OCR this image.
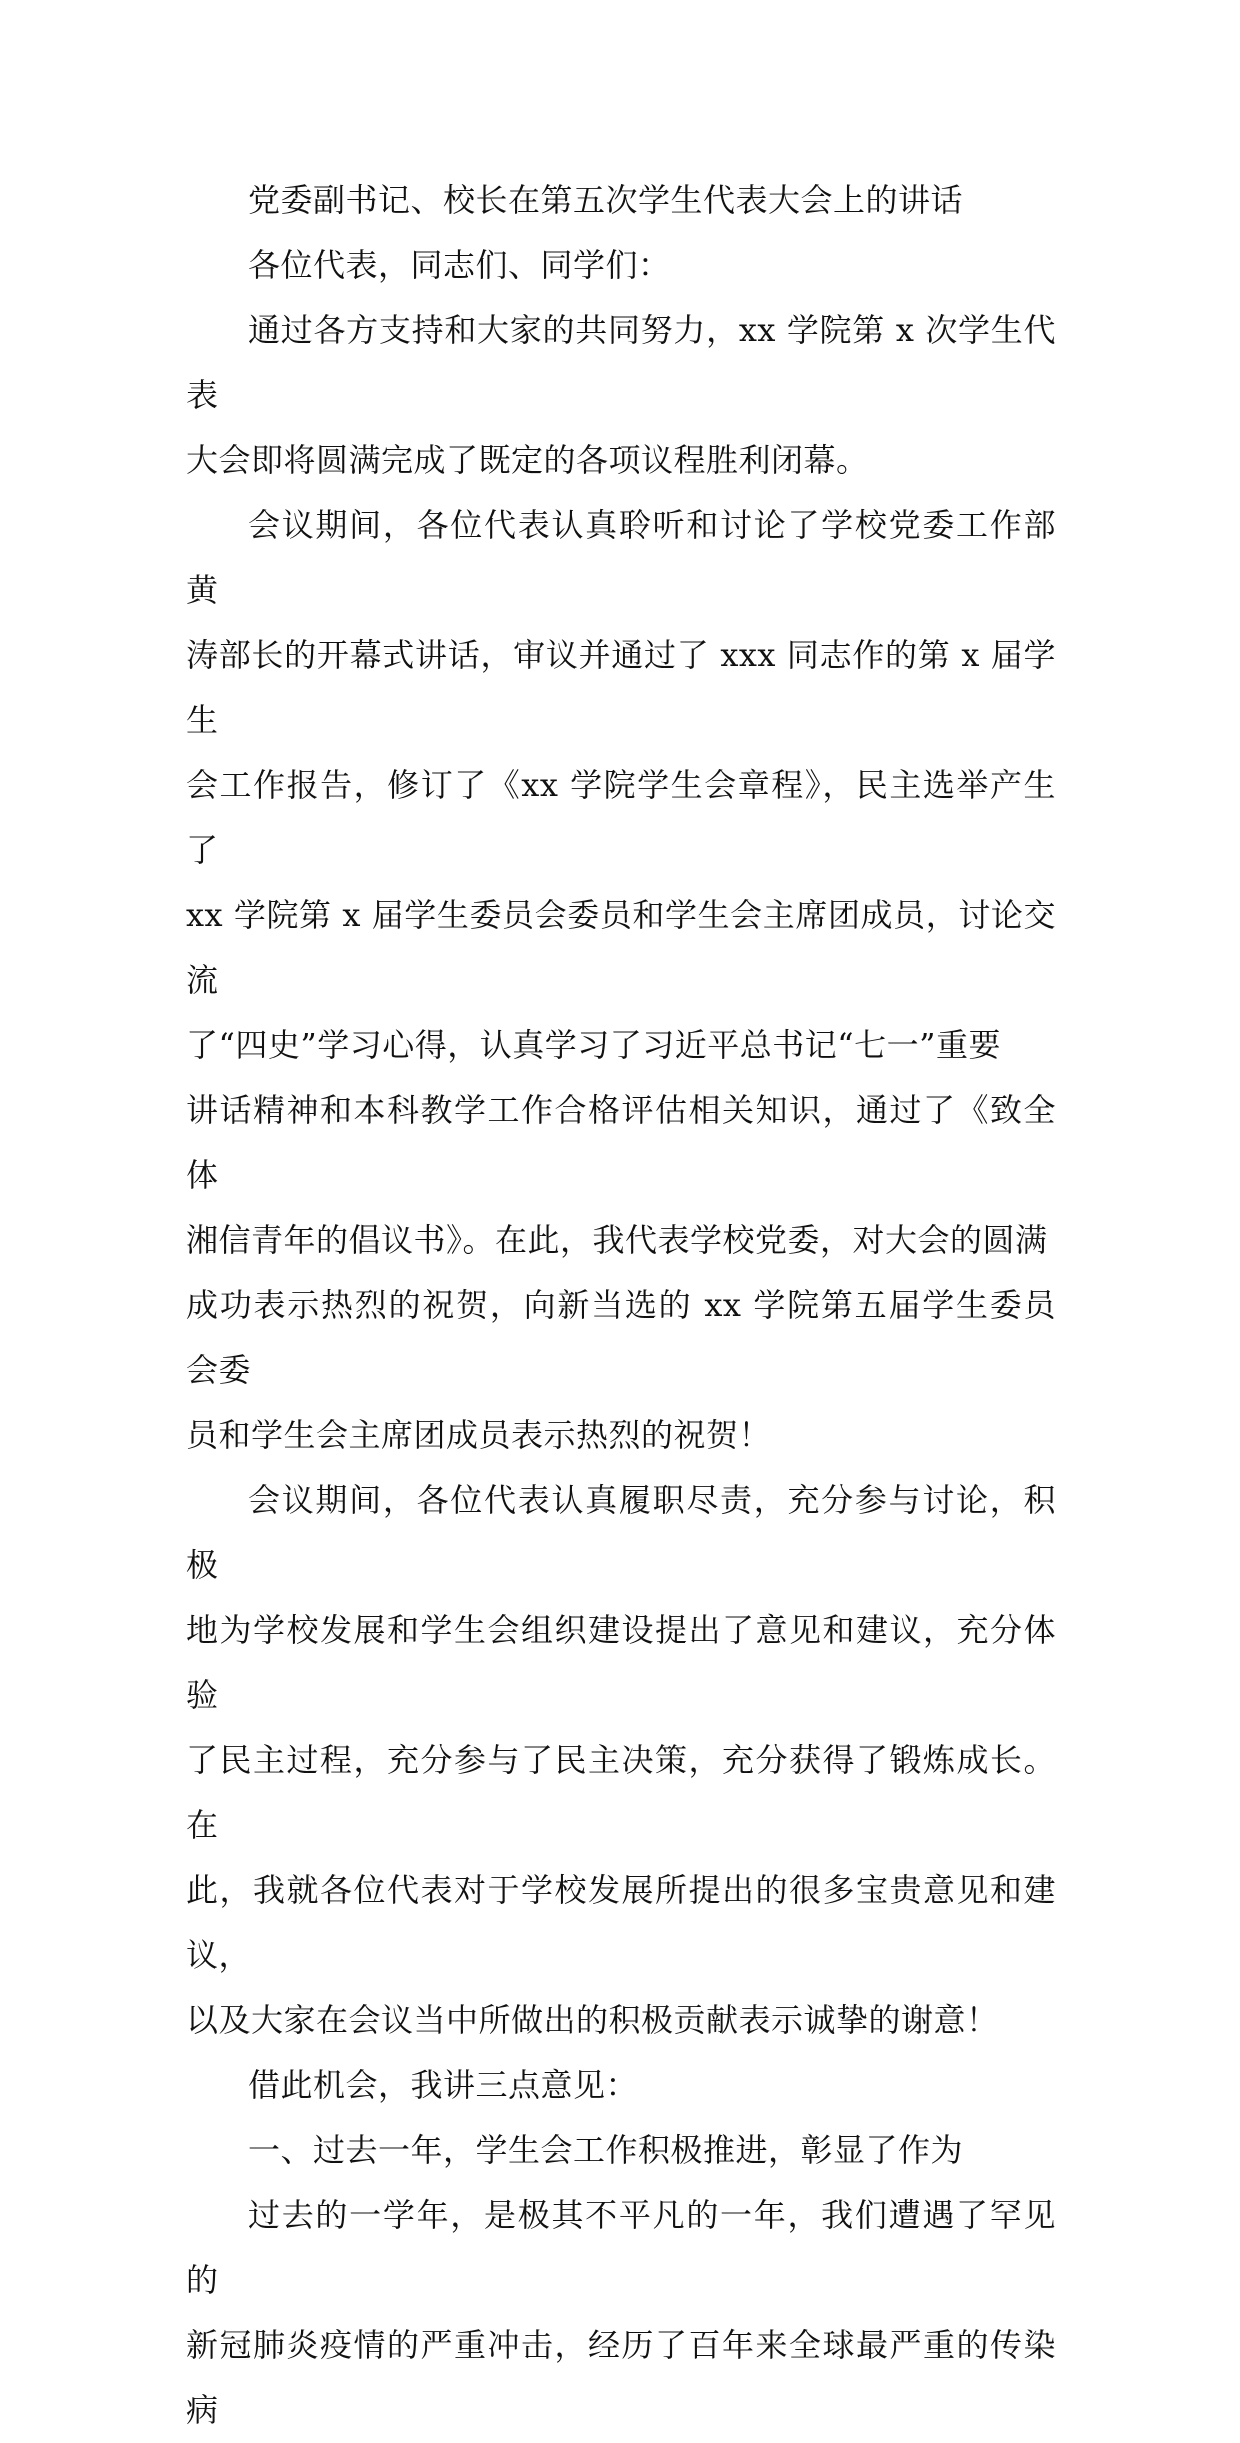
党委副书记、校长在第五次学生代表大会上的讲话

各位代表，同志们、同学们：

通过各方支持和大家的共同努力，xx 学院第 x 次学生代表
大会即将圆满完成了既定的各项议程胜利闭幕。

会议期间，各位代表认真聆听和讨论了学校党委工作部黄
涛部长的开幕式讲话，审议并通过了 xxx 同志作的第 x 届学生
会工作报告，修订了《xx 学院学生会章程》，民主选举产生了
xx 学院第 x 届学生委员会委员和学生会主席团成员，讨论交流
了“四史”学习心得，认真学习了习近平总书记“七一”重要
讲话精神和本科教学工作合格评估相关知识，通过了《致全体
湘信青年的倡议书》。在此，我代表学校党委，对大会的圆满
成功表示热烈的祝贺，向新当选的 xx 学院第五届学生委员会委
员和学生会主席团成员表示热烈的祝贺！

会议期间，各位代表认真履职尽责，充分参与讨论，积极
地为学校发展和学生会组织建设提出了意见和建议，充分体验
了民主过程，充分参与了民主决策，充分获得了锻炼成长。在
此，我就各位代表对于学校发展所提出的很多宝贵意见和建议，
以及大家在会议当中所做出的积极贡献表示诚挚的谢意！

借此机会，我讲三点意见：

一、过去一年，学生会工作积极推进，彰显了作为

过去的一学年，是极其不平凡的一年，我们遭遇了罕见的
新冠肺炎疫情的严重冲击，经历了百年来全球最严重的传染病
